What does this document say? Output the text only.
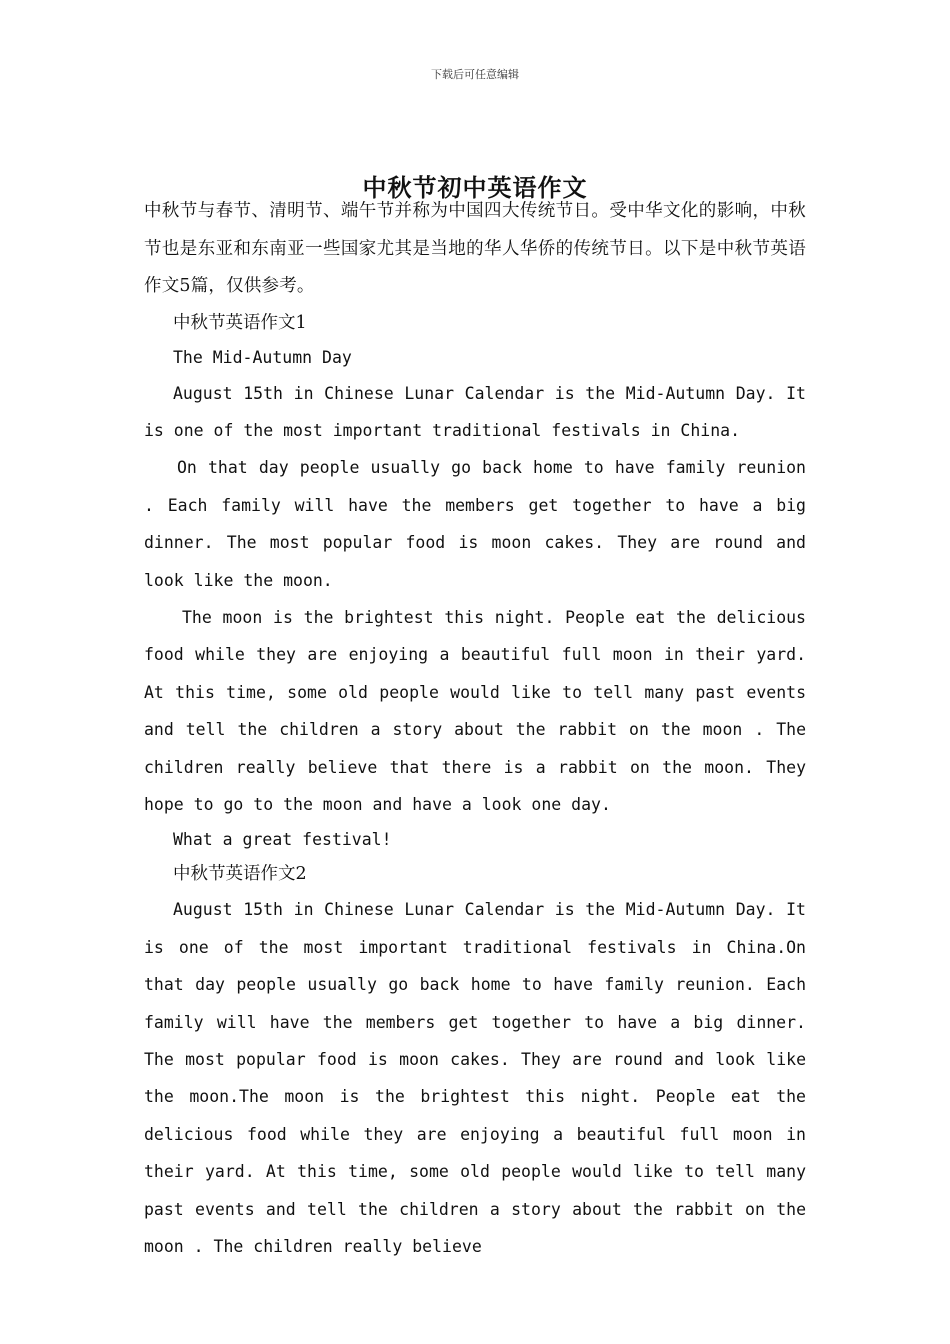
下载后可任意编辑
中秋节初中英语作文

中秋节与春节、清明节、端午节并称为中国四大传统节日。受中华文化的影响，中秋节也是东亚和东南亚一些国家尤其是当地的华人华侨的传统节日。以下是中秋节英语作文5篇，仅供参考。

中秋节英语作文1

The Mid-Autumn Day

August 15th in Chinese Lunar Calendar is the Mid-Autumn Day. It is one of the most important traditional festivals in China.

On that day people usually go back home to have family reunion . Each family will have the members get together to have a big dinner. The most popular food is moon cakes. They are round and look like the moon.

The moon is the brightest this night. People eat the delicious food while they are enjoying a beautiful full moon in their yard. At this time, some old people would like to tell many past events and tell the children a story about the rabbit on the moon . The children really believe that there is a rabbit on the moon. They hope to go to the moon and have a look one day.

What a great festival!

中秋节英语作文2

August 15th in Chinese Lunar Calendar is the Mid-Autumn Day. It is one of the most important traditional festivals in China.On that day people usually go back home to have family reunion. Each family will have the members get together to have a big dinner. The most popular food is moon cakes. They are round and look like the moon.The moon is the brightest this night. People eat the delicious food while they are enjoying a beautiful full moon in their yard. At this time, some old people would like to tell many past events and tell the children a story about the rabbit on the moon . The children really believe
